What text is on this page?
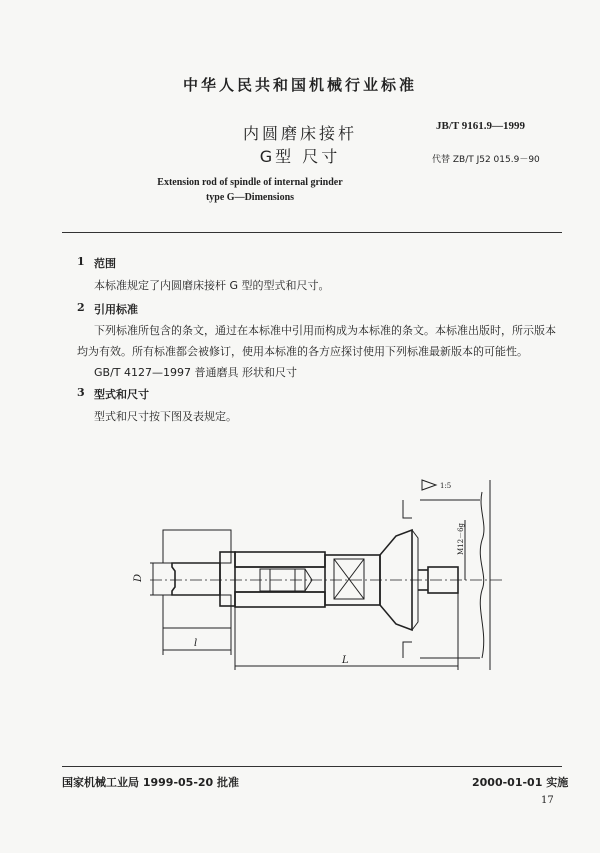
中华人民共和国机械行业标准
JB/T 9161.9—1999
代替 ZB/T J52 015.9－90
内圆磨床接杆
G型 尺寸
Extension rod of spindle of internal grinder
type G—Dimensions
1 范围
本标准规定了内圆磨床接杆 G 型的型式和尺寸。
2 引用标准
下列标准所包含的条文，通过在本标准中引用而构成为本标准的条文。本标准出版时，所示版本
均为有效。所有标准都会被修订，使用本标准的各方应探讨使用下列标准最新版本的可能性。
GB/T 4127—1997 普通磨具 形状和尺寸
3 型式和尺寸
型式和尺寸按下图及表规定。
1:5
M12－6g
D
l
L
国家机械工业局 1999-05-20 批准	2000-01-01 实施
17
